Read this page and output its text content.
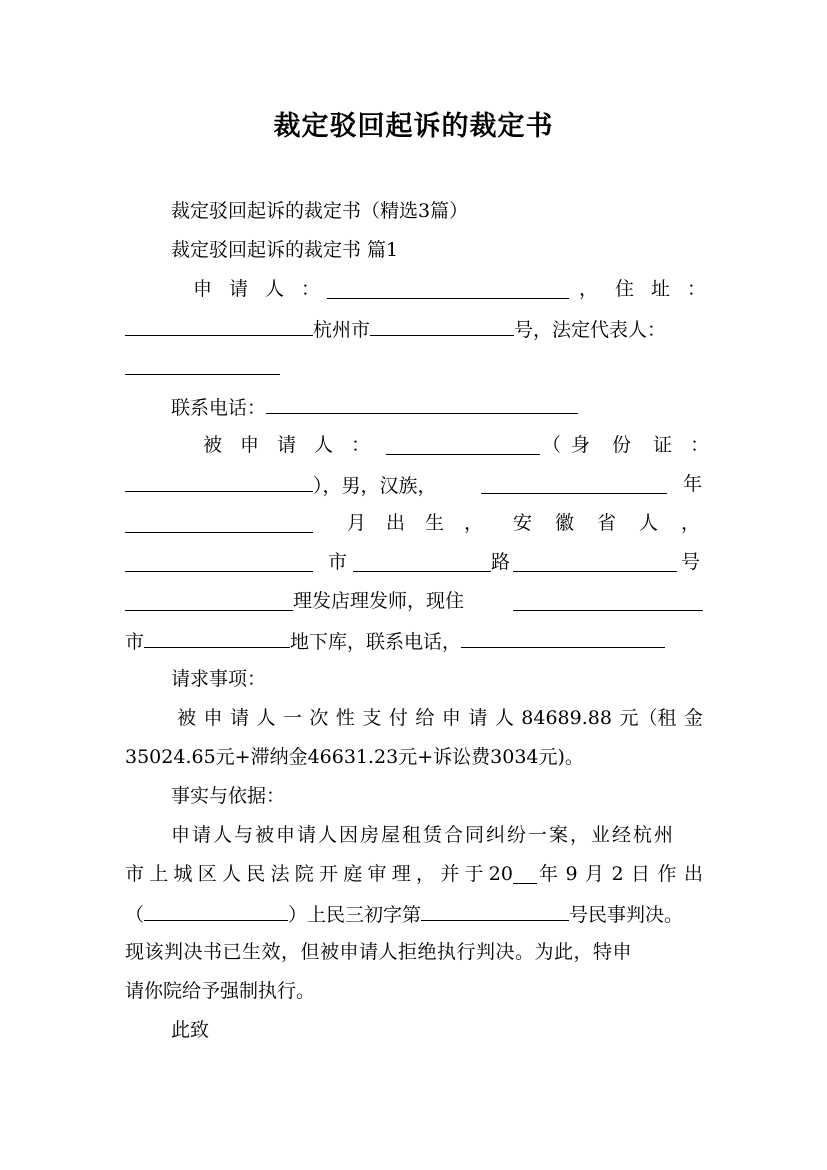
裁定驳回起诉的裁定书
裁定驳回起诉的裁定书（精选3篇）
裁定驳回起诉的裁定书 篇1
申 请 人 ：	， 住 址 ：
杭州市	号，法定代表人：
联系电话：
被 申 请 人 ：	（ 身 份 证 ：
），男，汉族，	年
月 出 生 ， 安 徽 省 人 ，
市	路	号
理发店理发师，现住
市	地下库，联系电话，
请求事项：
被 申 请 人 一 次 性 支 付 给 申 请 人 84689.88 元（租 金
35024.65元+滞纳金46631.23元+诉讼费3034元)。
事实与依据：
申请人与被申请人因房屋租赁合同纠纷一案，业经杭州
市 上 城 区 人 民 法 院 开 庭 审 理 ， 并 于 20 年 9 月 2 日 作 出
（	）上民三初字第	号民事判决。
现该判决书已生效，但被申请人拒绝执行判决。为此，特申
请你院给予强制执行。
此致
